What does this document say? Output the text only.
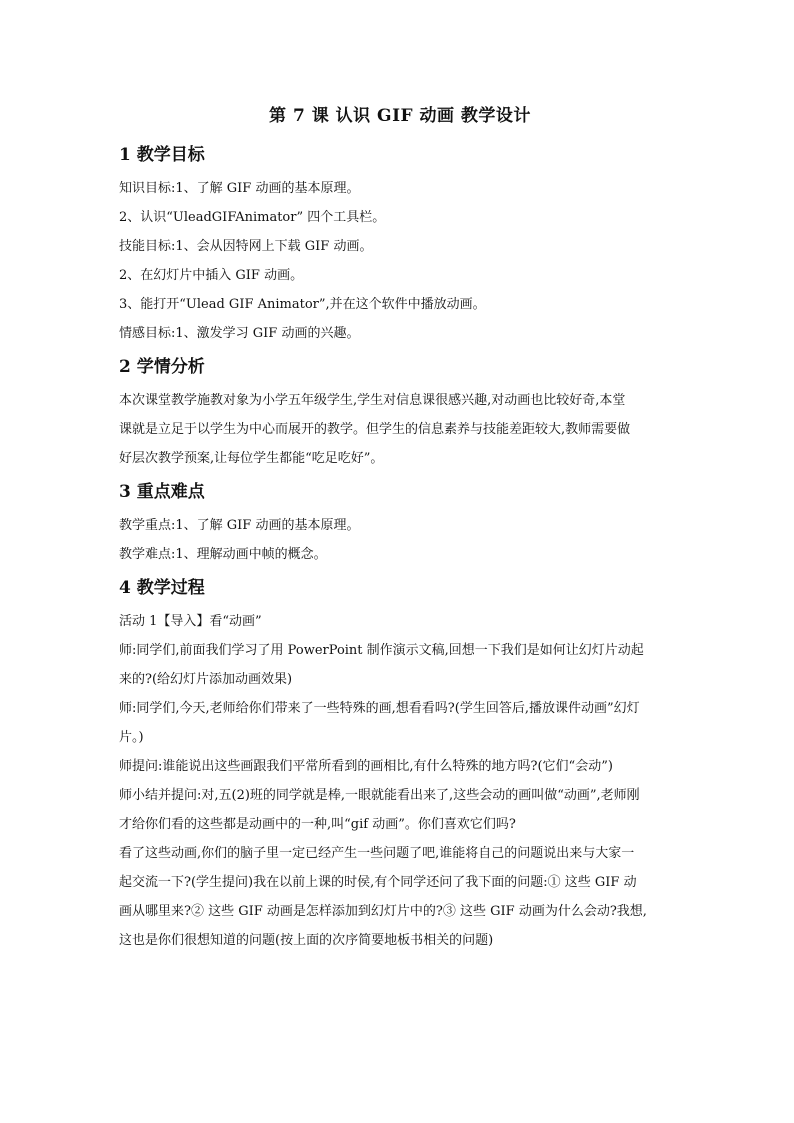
第 7 课 认识 GIF 动画 教学设计
1 教学目标
知识目标:1、了解 GIF 动画的基本原理。
2、认识“UleadGIFAnimator” 四个工具栏。
技能目标:1、会从因特网上下载 GIF 动画。
2、在幻灯片中插入 GIF 动画。
3、能打开“Ulead GIF Animator”,并在这个软件中播放动画。
情感目标:1、激发学习 GIF 动画的兴趣。
2 学情分析
本次课堂教学施教对象为小学五年级学生,学生对信息课很感兴趣,对动画也比较好奇,本堂
课就是立足于以学生为中心而展开的教学。但学生的信息素养与技能差距较大,教师需要做
好层次教学预案,让每位学生都能“吃足吃好”。
3 重点难点
教学重点:1、了解 GIF 动画的基本原理。
教学难点:1、理解动画中帧的概念。
4 教学过程
活动 1【导入】看“动画”
师:同学们,前面我们学习了用 PowerPoint 制作演示文稿,回想一下我们是如何让幻灯片动起
来的?(给幻灯片添加动画效果)
师:同学们,今天,老师给你们带来了一些特殊的画,想看看吗?(学生回答后,播放课件动画”幻灯
片。)
师提问:谁能说出这些画跟我们平常所看到的画相比,有什么特殊的地方吗?(它们“会动”)
师小结并提问:对,五(2)班的同学就是棒,一眼就能看出来了,这些会动的画叫做“动画”,老师刚
才给你们看的这些都是动画中的一种,叫“gif 动画”。你们喜欢它们吗?
看了这些动画,你们的脑子里一定已经产生一些问题了吧,谁能将自己的问题说出来与大家一
起交流一下?(学生提问)我在以前上课的时侯,有个同学还问了我下面的问题:① 这些 GIF 动
画从哪里来?② 这些 GIF 动画是怎样添加到幻灯片中的?③ 这些 GIF 动画为什么会动?我想,
这也是你们很想知道的问题(按上面的次序简要地板书相关的问题)
